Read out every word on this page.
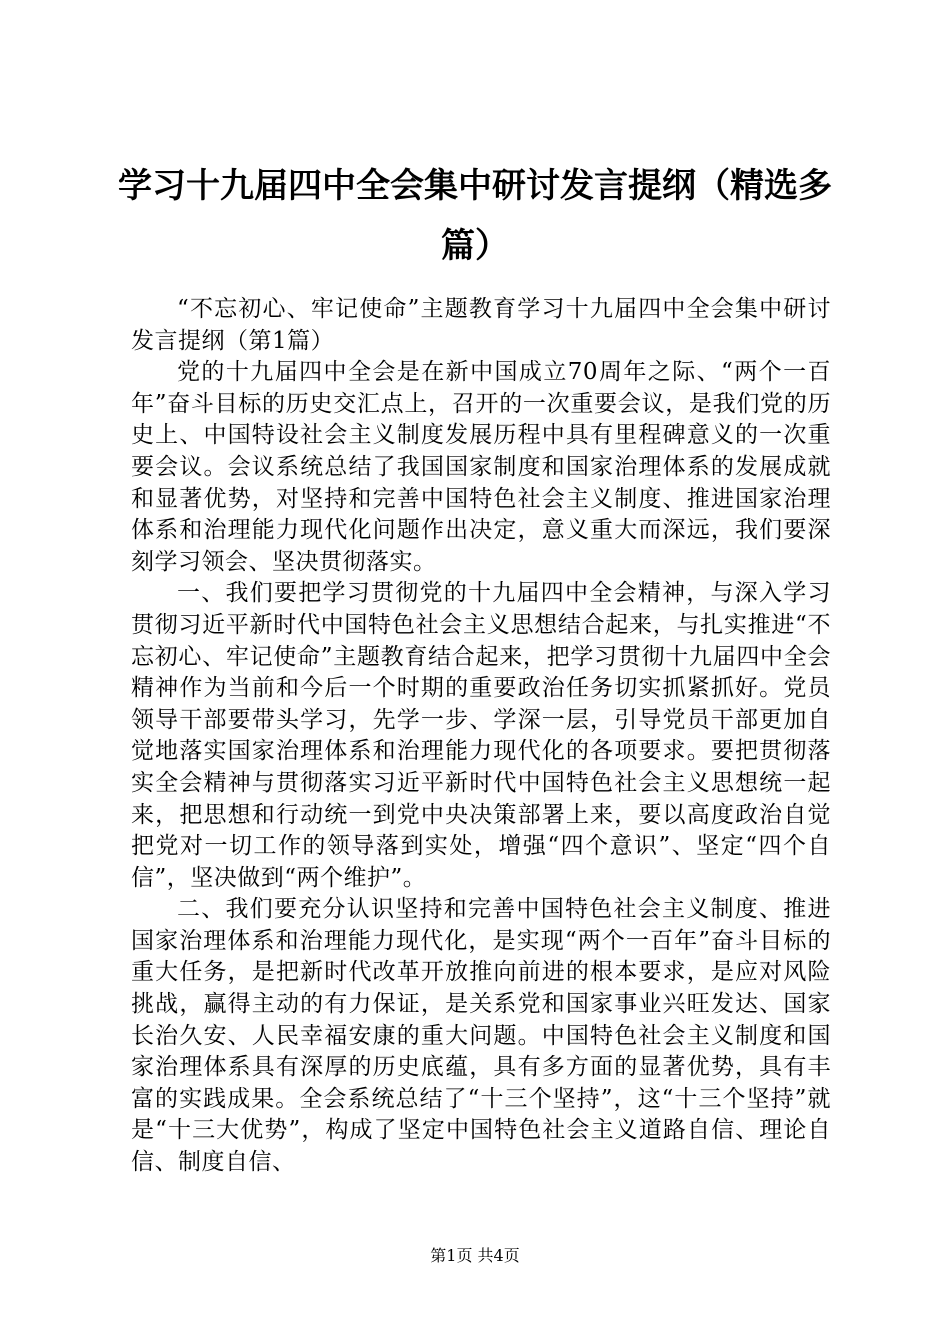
学习十九届四中全会集中研讨发言提纲（精选多篇）

“不忘初心、牢记使命”主题教育学习十九届四中全会集中研讨发言提纲（第1篇）

党的十九届四中全会是在新中国成立70周年之际、“两个一百年”奋斗目标的历史交汇点上，召开的一次重要会议，是我们党的历史上、中国特设社会主义制度发展历程中具有里程碑意义的一次重要会议。会议系统总结了我国国家制度和国家治理体系的发展成就和显著优势，对坚持和完善中国特色社会主义制度、推进国家治理体系和治理能力现代化问题作出决定，意义重大而深远，我们要深刻学习领会、坚决贯彻落实。

一、我们要把学习贯彻党的十九届四中全会精神，与深入学习贯彻习近平新时代中国特色社会主义思想结合起来，与扎实推进“不忘初心、牢记使命”主题教育结合起来，把学习贯彻十九届四中全会精神作为当前和今后一个时期的重要政治任务切实抓紧抓好。党员领导干部要带头学习，先学一步、学深一层，引导党员干部更加自觉地落实国家治理体系和治理能力现代化的各项要求。要把贯彻落实全会精神与贯彻落实习近平新时代中国特色社会主义思想统一起来，把思想和行动统一到党中央决策部署上来，要以高度政治自觉把党对一切工作的领导落到实处，增强“四个意识”、坚定“四个自信”，坚决做到“两个维护”。

二、我们要充分认识坚持和完善中国特色社会主义制度、推进国家治理体系和治理能力现代化，是实现“两个一百年”奋斗目标的重大任务，是把新时代改革开放推向前进的根本要求，是应对风险挑战，赢得主动的有力保证，是关系党和国家事业兴旺发达、国家长治久安、人民幸福安康的重大问题。中国特色社会主义制度和国家治理体系具有深厚的历史底蕴，具有多方面的显著优势，具有丰富的实践成果。全会系统总结了“十三个坚持”，这“十三个坚持”就是“十三大优势”，构成了坚定中国特色社会主义道路自信、理论自信、制度自信、

第1页 共4页
